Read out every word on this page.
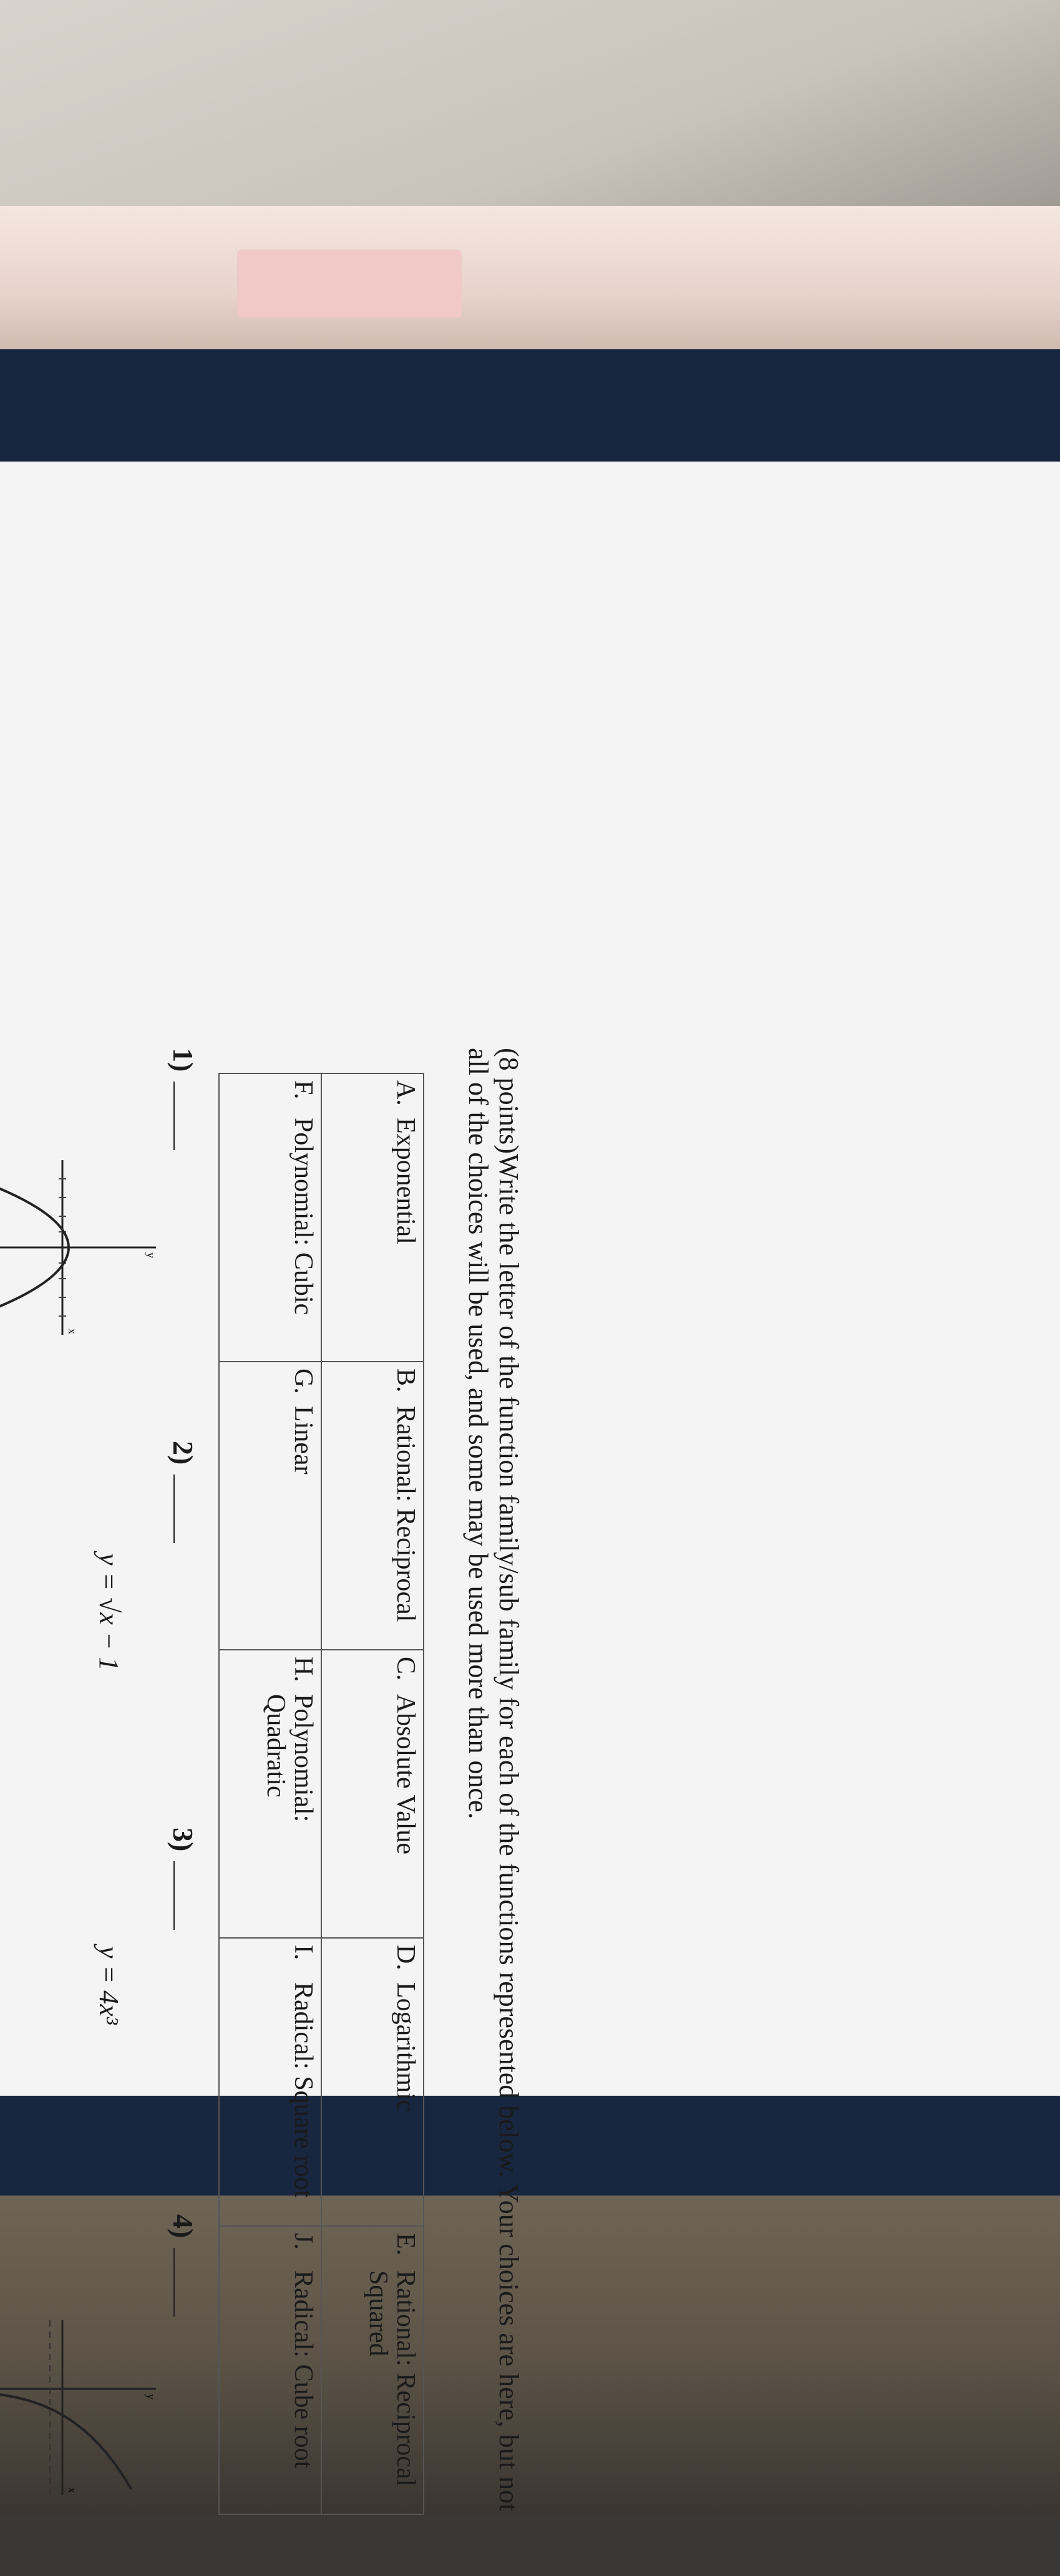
(8 points)Write the letter of the function family/sub family for each of the functions represented below. Your choices are here, but not all of the choices will be used, and some may be used more than once.
A.Exponential	B.Rational: Reciprocal	C.Absolute Value	D.Logarithmic	E.Rational: Reciprocal Squared
F.Polynomial: Cubic	G.Linear	H.Polynomial: Quadratic	I.Radical: Square root	J.Radical: Cube root
1)
2)
3)
4)
y = √x − 1
y = 4x³
x
y
x
y
